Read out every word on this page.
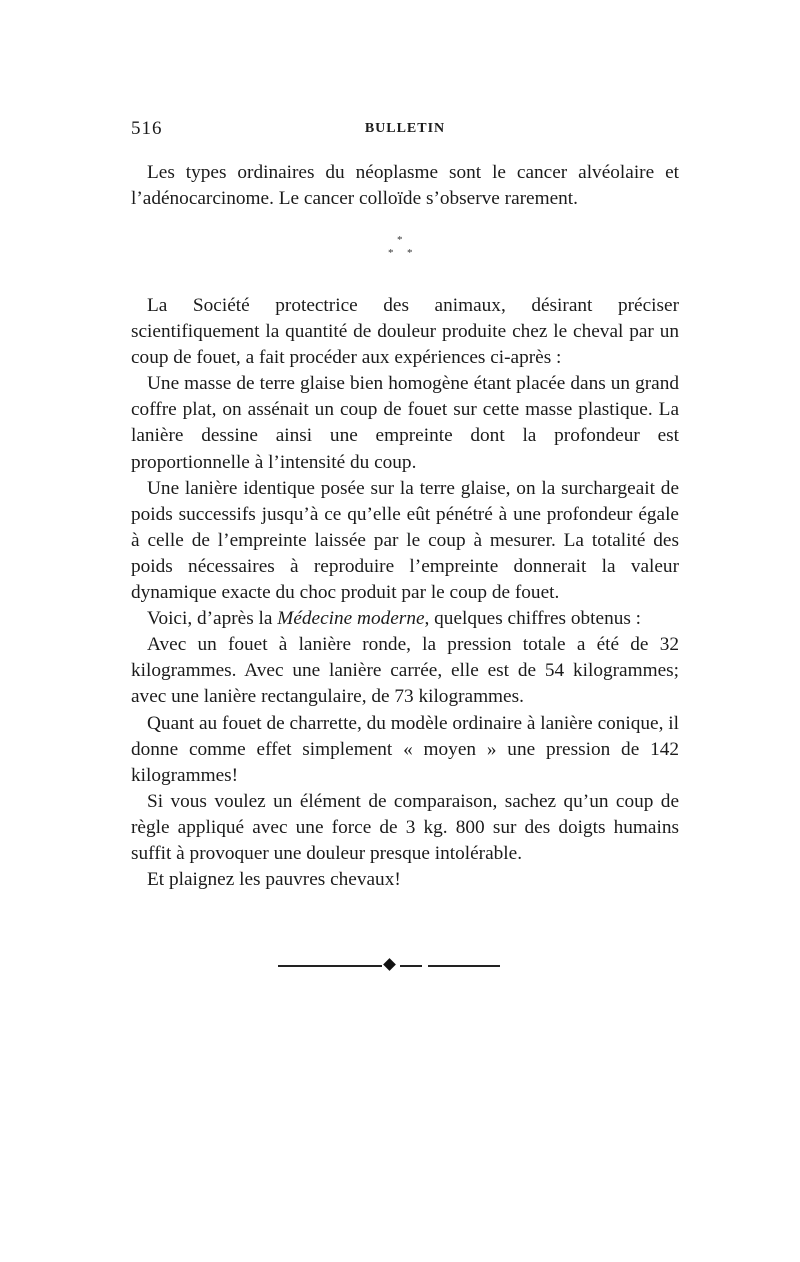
516	BULLETIN

Les types ordinaires du néoplasme sont le cancer alvéolaire et l’adénocarcinome. Le cancer colloïde s’observe rarement.

*
* *

La Société protectrice des animaux, désirant préciser scientifiquement la quantité de douleur produite chez le cheval par un coup de fouet, a fait procéder aux expériences ci-après :

Une masse de terre glaise bien homogène étant placée dans un grand coffre plat, on assénait un coup de fouet sur cette masse plastique. La lanière dessine ainsi une empreinte dont la profondeur est proportionnelle à l’intensité du coup.

Une lanière identique posée sur la terre glaise, on la surchargeait de poids successifs jusqu’à ce qu’elle eût pénétré à une profondeur égale à celle de l’empreinte laissée par le coup à mesurer. La totalité des poids nécessaires à reproduire l’empreinte donnerait la valeur dynamique exacte du choc produit par le coup de fouet.

Voici, d’après la Médecine moderne, quelques chiffres obtenus :

Avec un fouet à lanière ronde, la pression totale a été de 32 kilogrammes. Avec une lanière carrée, elle est de 54 kilogrammes; avec une lanière rectangulaire, de 73 kilogrammes.

Quant au fouet de charrette, du modèle ordinaire à lanière conique, il donne comme effet simplement « moyen » une pression de 142 kilogrammes!

Si vous voulez un élément de comparaison, sachez qu’un coup de règle appliqué avec une force de 3 kg. 800 sur des doigts humains suffit à provoquer une douleur presque intolérable.

Et plaignez les pauvres chevaux!
